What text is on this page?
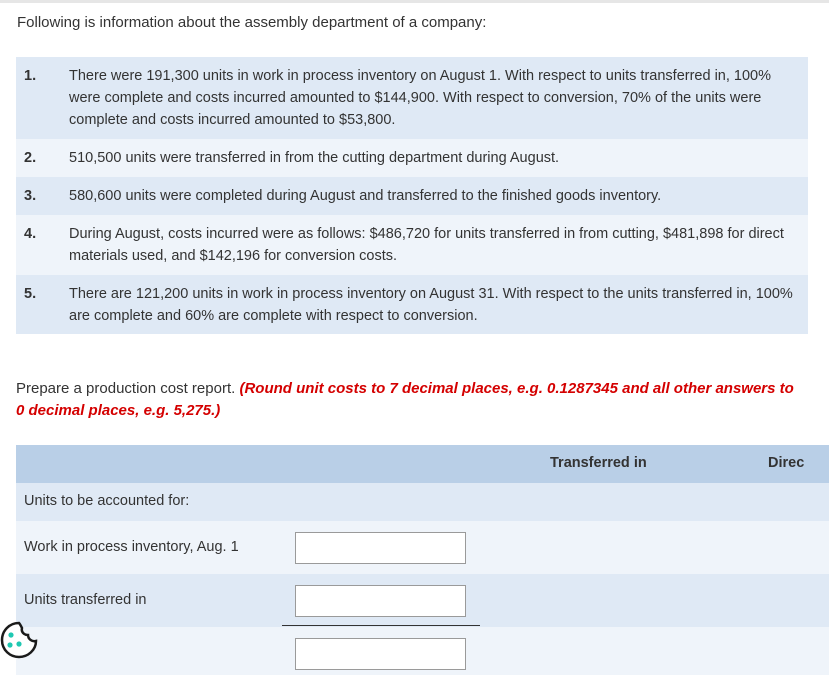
Following is information about the assembly department of a company:
1.	There were 191,300 units in work in process inventory on August 1. With respect to units transferred in, 100% were complete and costs incurred amounted to $144,900. With respect to conversion, 70% of the units were complete and costs incurred amounted to $53,800.
2.	510,500 units were transferred in from the cutting department during August.
3.	580,600 units were completed during August and transferred to the finished goods inventory.
4.	During August, costs incurred were as follows: $486,720 for units transferred in from cutting, $481,898 for direct materials used, and $142,196 for conversion costs.
5.	There are 121,200 units in work in process inventory on August 31. With respect to the units transferred in, 100% are complete and 60% are complete with respect to conversion.
Prepare a production cost report. (Round unit costs to 7 decimal places, e.g. 0.1287345 and all other answers to 0 decimal places, e.g. 5,275.)
Transferred in	Direc
Units to be accounted for:
Work in process inventory, Aug. 1
Units transferred in
